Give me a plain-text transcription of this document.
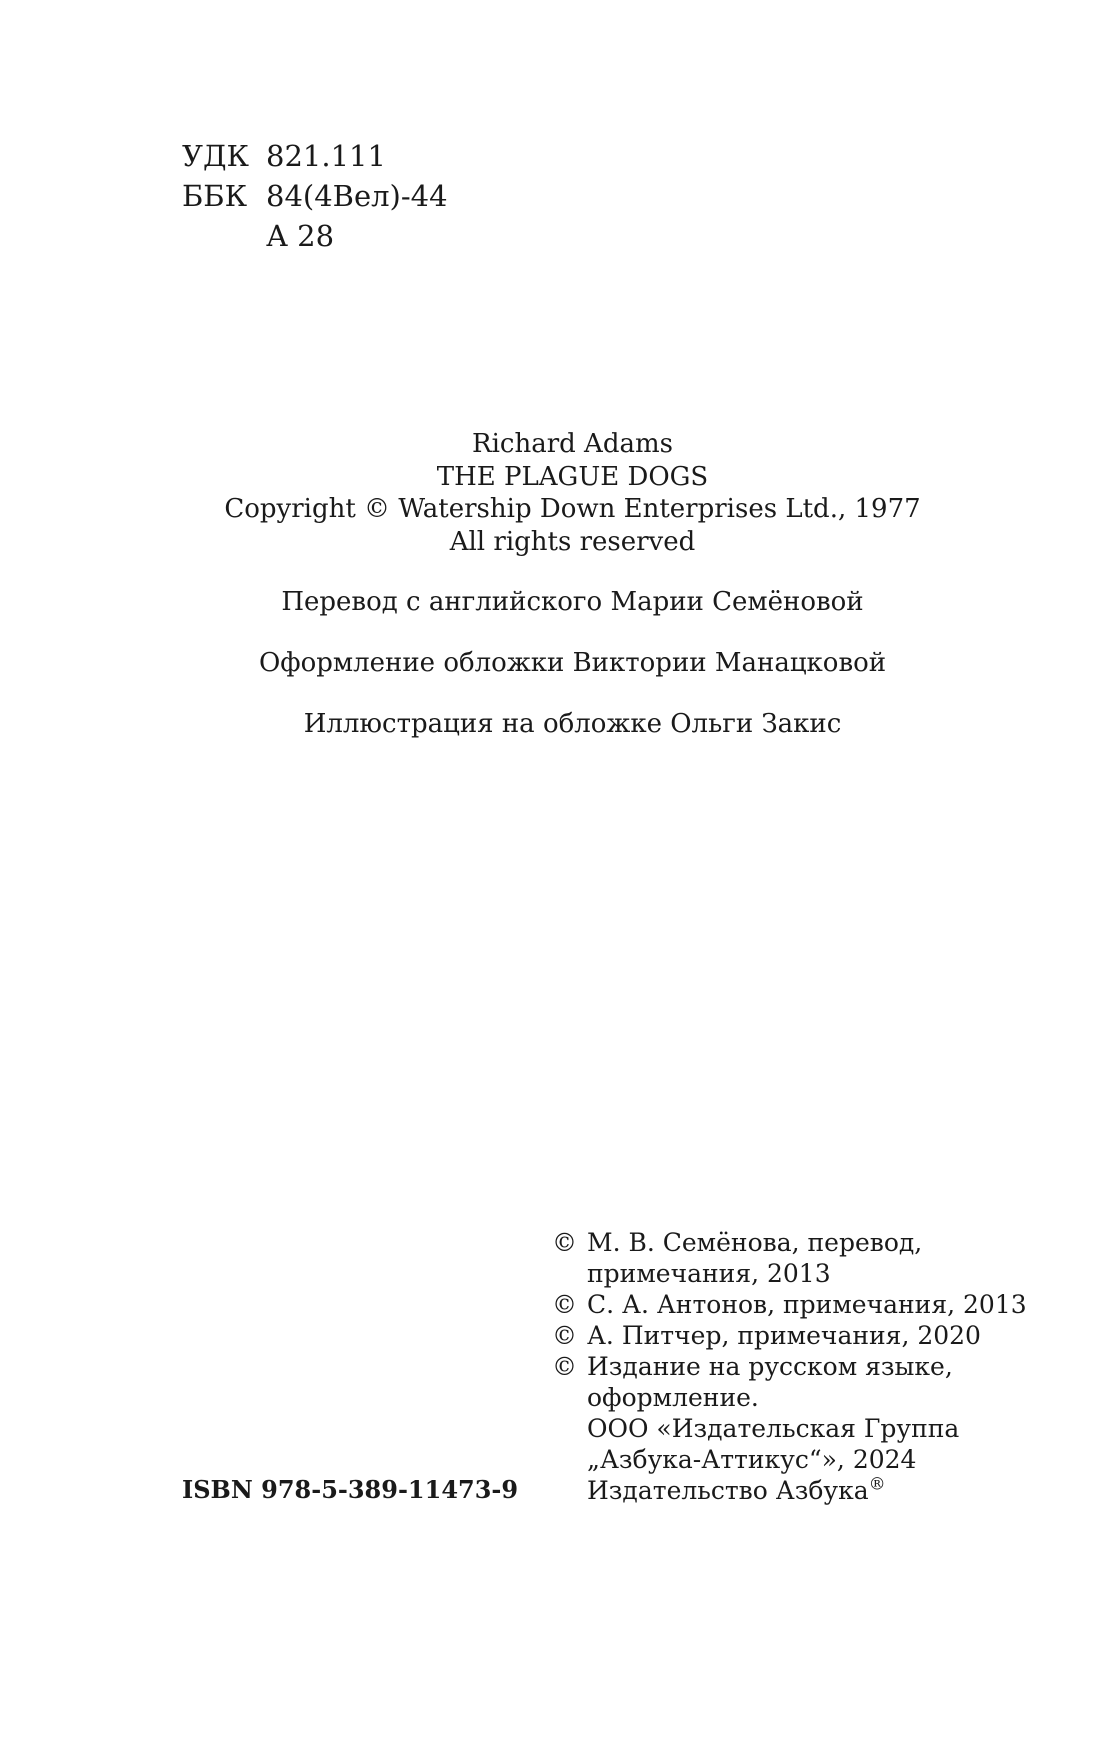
УДК 821.111
ББК 84(4Вел)-44
А 28
Richard Adams
THE PLAGUE DOGS
Copyright © Watership Down Enterprises Ltd., 1977
All rights reserved
Перевод с английского Марии Семёновой
Оформление обложки Виктории Манацковой
Иллюстрация на обложке Ольги Закис
© М. В. Семёнова, перевод,
примечания, 2013
© С. А. Антонов, примечания, 2013
© А. Питчер, примечания, 2020
© Издание на русском языке,
оформление.
ООО «Издательская Группа
„Азбука-Аттикус“», 2024
Издательство Азбука®
ISBN 978-5-389-11473-9
